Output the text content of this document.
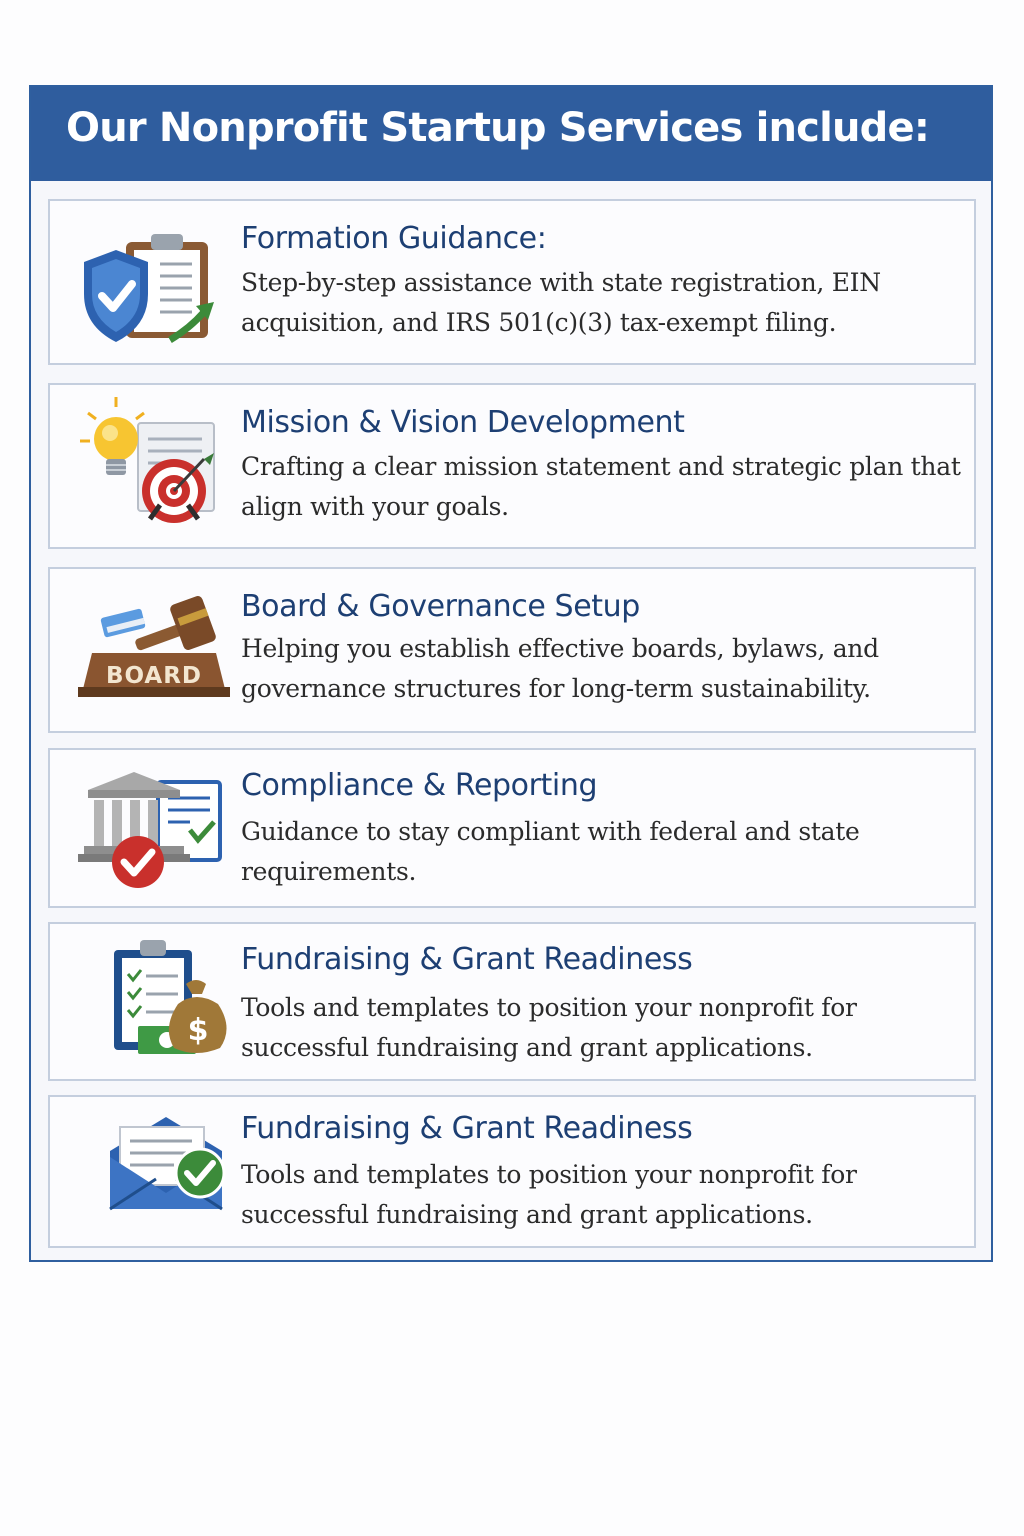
Our Nonprofit Startup Services include:
Formation Guidance:
Step-by-step assistance with state registration, EIN acquisition, and IRS 501(c)(3) tax-exempt filing.
Mission & Vision Development
Crafting a clear mission statement and strategic plan that align with your goals.
BOARD
Board & Governance Setup
Helping you establish effective boards, bylaws, and governance structures for long-term sustainability.
Compliance & Reporting
Guidance to stay compliant with federal and state requirements.
$
Fundraising & Grant Readiness
Tools and templates to position your nonprofit for successful fundraising and grant applications.
Fundraising & Grant Readiness
Tools and templates to position your nonprofit for successful fundraising and grant applications.
